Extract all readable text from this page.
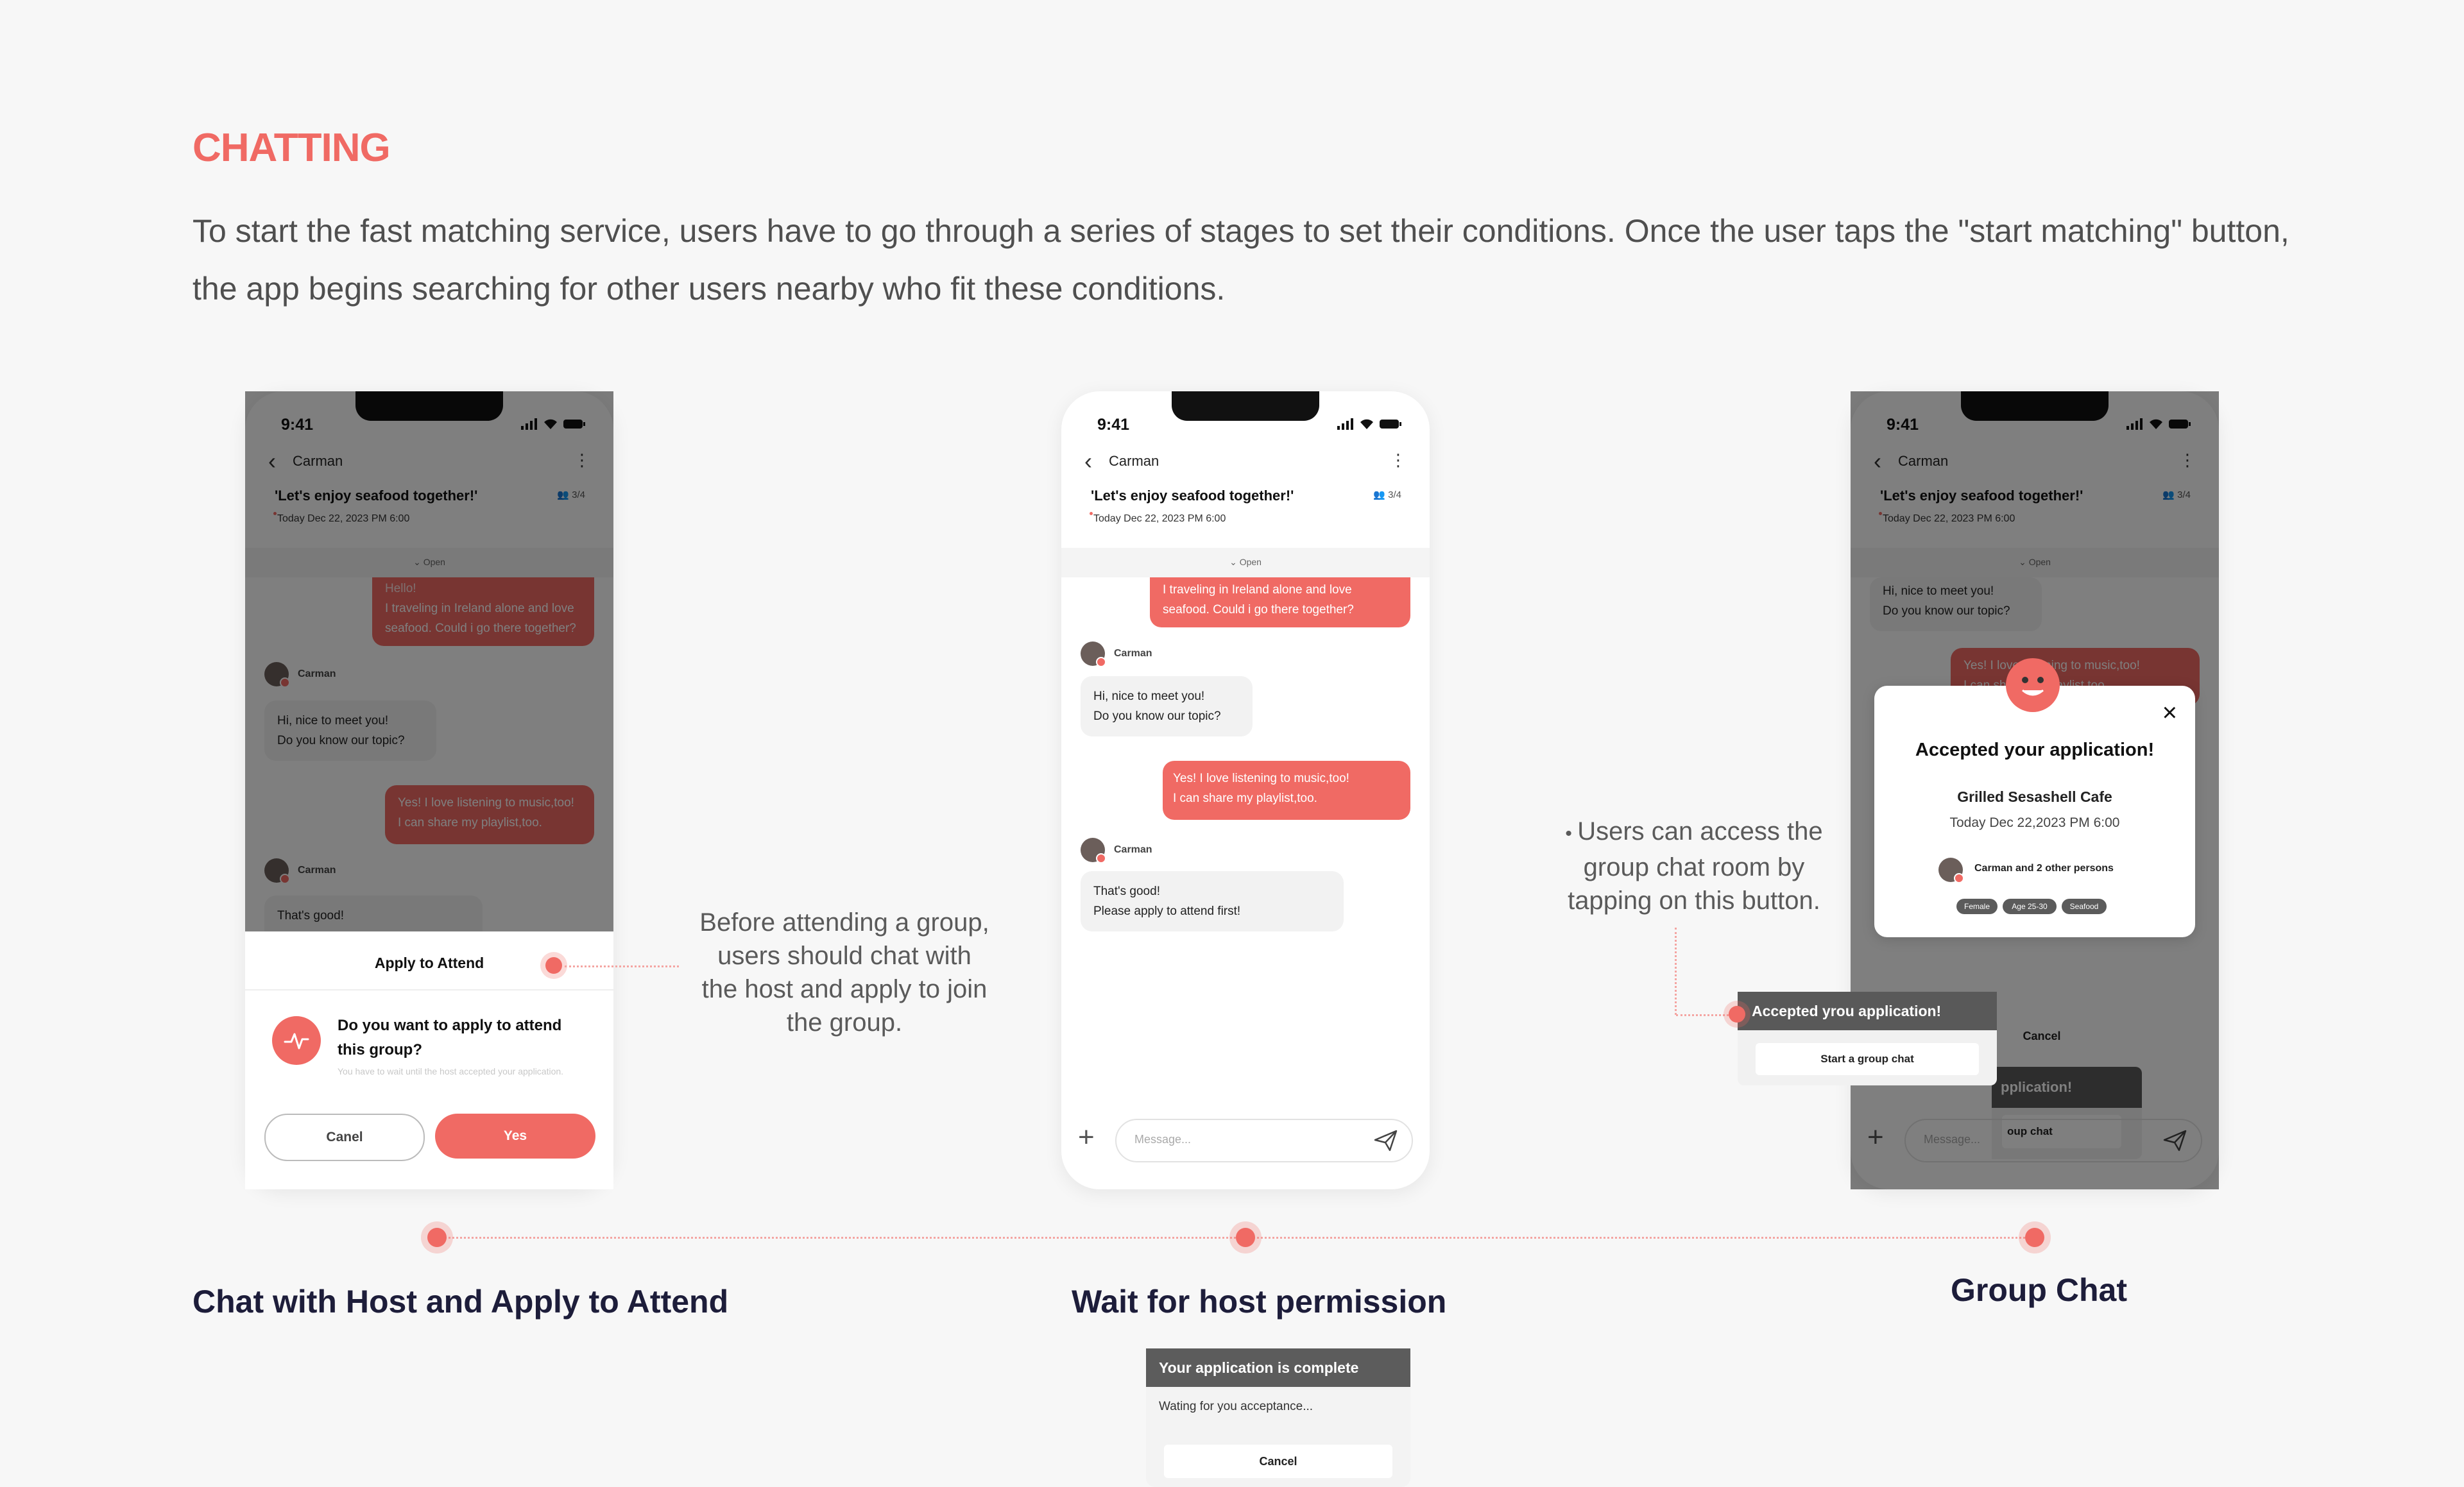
CHATTING
To start the fast matching service, users have to go through a series of stages to set their conditions. Once the user taps the "start matching" button, the app begins searching for other users nearby who fit these conditions.
Apply to Attend
Do you want to apply to attend this group?
You have to wait until the host accepted your application.
Canel	Yes
Before attending a group, users should chat with the host and apply to join the group.
9:41
‹ Carman	⋮
'Let's enjoy seafood together!'
Today Dec 22, 2023 PM 6:00
👥 3/4
⌄ Open
I traveling in Ireland alone and love seafood. Could i go there together?
Carman
Hi, nice to meet you!
Do you know our topic?
Yes! I love listening to music,too!
I can share my playlist,too.
Carman
That's good!
Please apply to attend first!
Your application is complete
Wating for you acceptance...
Cancel
+	Message...
×
Accepted your application!
Grilled Sesashell Cafe
Today Dec 22,2023 PM 6:00
Carman and 2 other persons
Female	Age 25-30	Seafood
• Users can access the group chat room by tapping on this button.
Accepted yrou application!
Start a group chat
Chat with Host and Apply to Attend	Wait for host permission	Group Chat
